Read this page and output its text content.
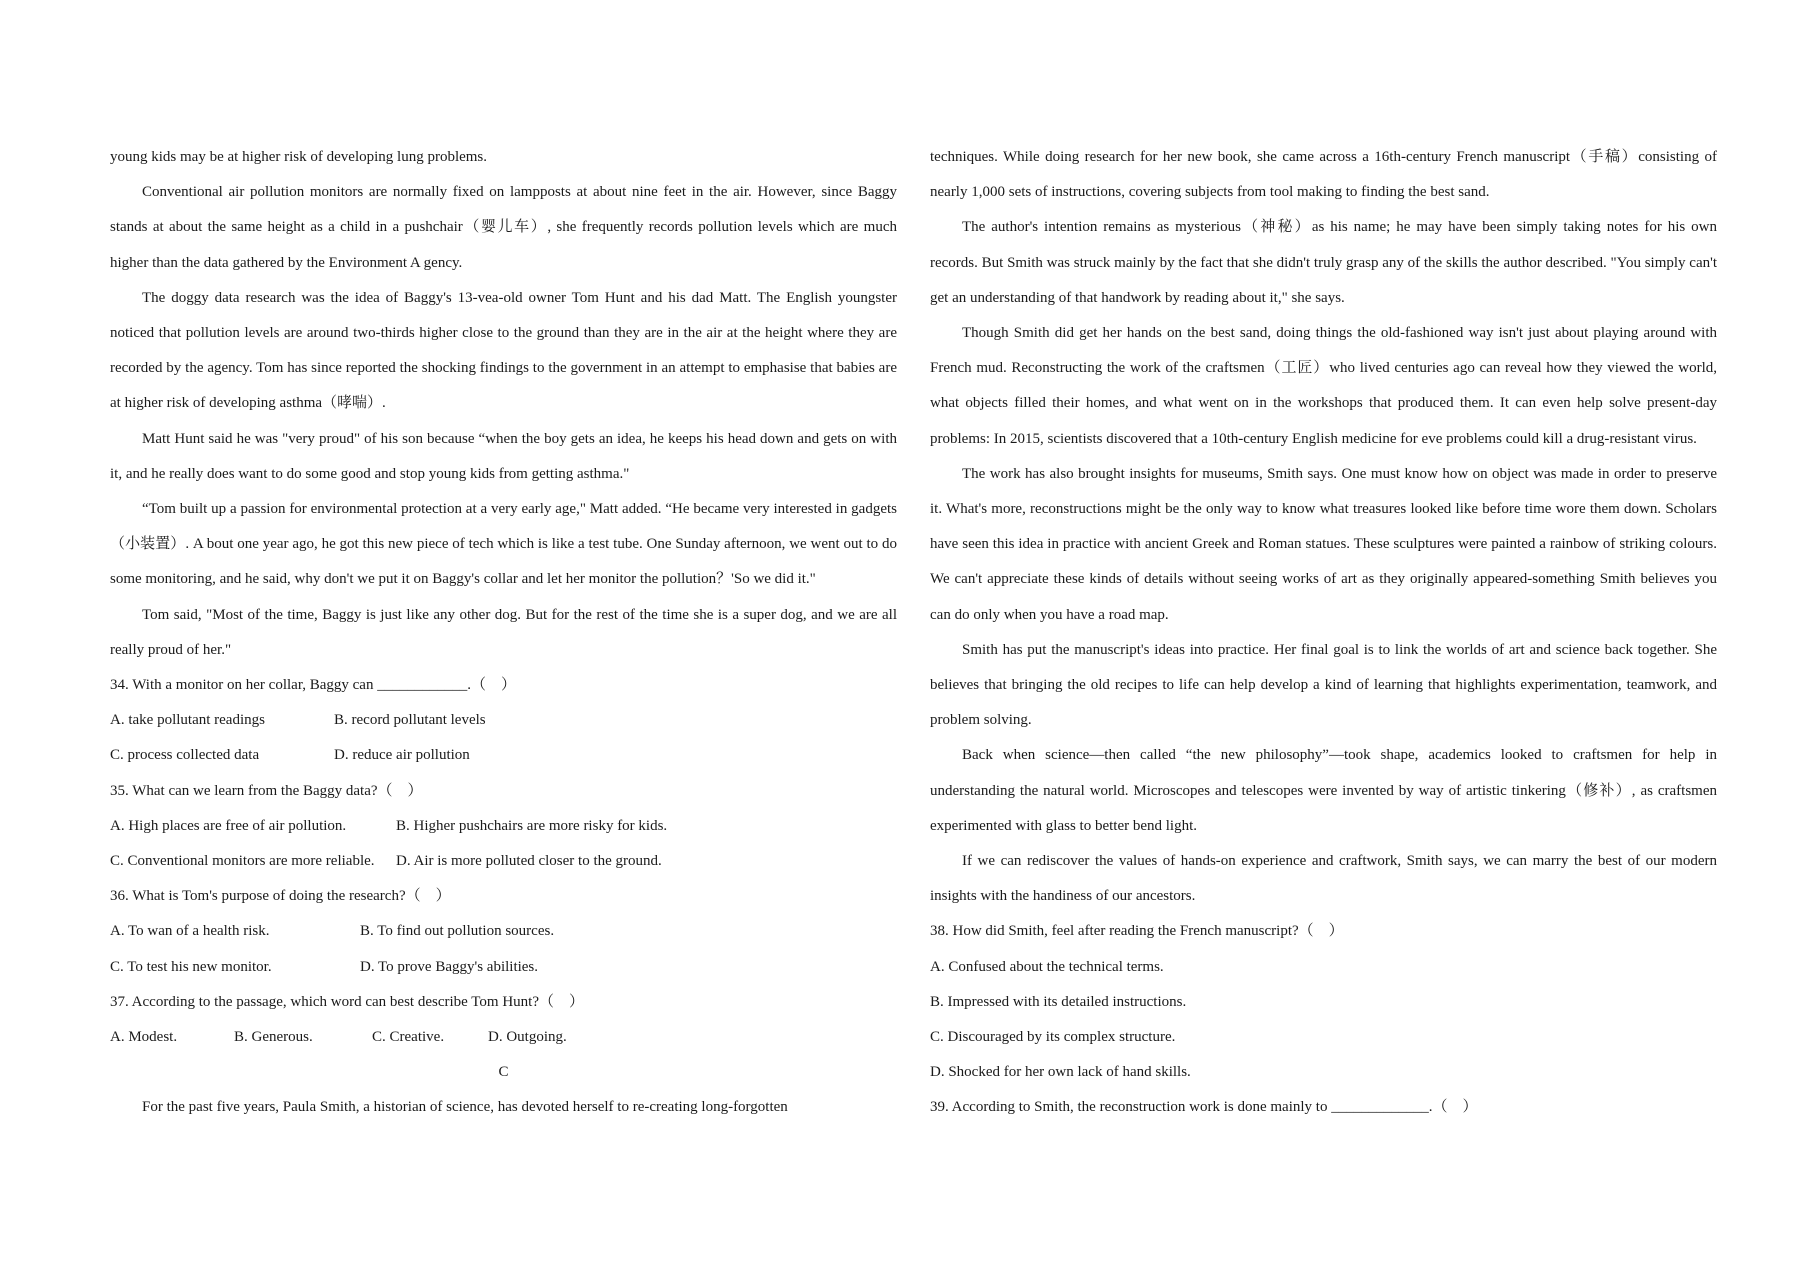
young kids may be at higher risk of developing lung problems.

Conventional air pollution monitors are normally fixed on lampposts at about nine feet in the air. However, since Baggy stands at about the same height as a child in a pushchair（婴儿车）, she frequently records pollution levels which are much higher than the data gathered by the Environment A gency.

The doggy data research was the idea of Baggy's 13-vea-old owner Tom Hunt and his dad Matt. The English youngster noticed that pollution levels are around two-thirds higher close to the ground than they are in the air at the height where they are recorded by the agency. Tom has since reported the shocking findings to the government in an attempt to emphasise that babies are at higher risk of developing asthma（哮喘）.

Matt Hunt said he was "very proud" of his son because “when the boy gets an idea, he keeps his head down and gets on with it, and he really does want to do some good and stop young kids from getting asthma."

“Tom built up a passion for environmental protection at a very early age," Matt added. “He became very interested in gadgets（小装置）. A bout one year ago, he got this new piece of tech which is like a test tube. One Sunday afternoon, we went out to do some monitoring, and he said, why don't we put it on Baggy's collar and let her monitor the pollution？'So we did it."

Tom said, "Most of the time, Baggy is just like any other dog. But for the rest of the time she is a super dog, and we are all really proud of her."

34. With a monitor on her collar, Baggy can ____________.（　）

A. take pollutant readings	B. record pollutant levels

C. process collected data	D. reduce air pollution

35. What can we learn from the Baggy data?（　）

A. High places are free of air pollution.	B. Higher pushchairs are more risky for kids.

C. Conventional monitors are more reliable. D. Air is more polluted closer to the ground.

36. What is Tom's purpose of doing the research?（　）

A. To wan of a health risk.	B. To find out pollution sources.

C. To test his new monitor.	D. To prove Baggy's abilities.

37. According to the passage, which word can best describe Tom Hunt?（　）

A. Modest.	B. Generous.	C. Creative.	D. Outgoing.

C

For the past five years, Paula Smith, a historian of science, has devoted herself to re-creating long-forgotten

techniques. While doing research for her new book, she came across a 16th-century French manuscript（手稿）consisting of nearly 1,000 sets of instructions, covering subjects from tool making to finding the best sand.

The author's intention remains as mysterious（神秘）as his name; he may have been simply taking notes for his own records. But Smith was struck mainly by the fact that she didn't truly grasp any of the skills the author described. "You simply can't get an understanding of that handwork by reading about it," she says.

Though Smith did get her hands on the best sand, doing things the old-fashioned way isn't just about playing around with French mud. Reconstructing the work of the craftsmen（工匠）who lived centuries ago can reveal how they viewed the world, what objects filled their homes, and what went on in the workshops that produced them. It can even help solve present-day problems: In 2015, scientists discovered that a 10th-century English medicine for eve problems could kill a drug-resistant virus.

The work has also brought insights for museums, Smith says. One must know how on object was made in order to preserve it. What's more, reconstructions might be the only way to know what treasures looked like before time wore them down. Scholars have seen this idea in practice with ancient Greek and Roman statues. These sculptures were painted a rainbow of striking colours. We can't appreciate these kinds of details without seeing works of art as they originally appeared-something Smith believes you can do only when you have a road map.

Smith has put the manuscript's ideas into practice. Her final goal is to link the worlds of art and science back together. She believes that bringing the old recipes to life can help develop a kind of learning that highlights experimentation, teamwork, and problem solving.

Back when science—then called “the new philosophy”—took shape, academics looked to craftsmen for help in understanding the natural world. Microscopes and telescopes were invented by way of artistic tinkering（修补）, as craftsmen experimented with glass to better bend light.

If we can rediscover the values of hands-on experience and craftwork, Smith says, we can marry the best of our modern insights with the handiness of our ancestors.

38. How did Smith, feel after reading the French manuscript?（　）

A. Confused about the technical terms.

B. Impressed with its detailed instructions.

C. Discouraged by its complex structure.

D. Shocked for her own lack of hand skills.

39. According to Smith, the reconstruction work is done mainly to _____________.（　）
